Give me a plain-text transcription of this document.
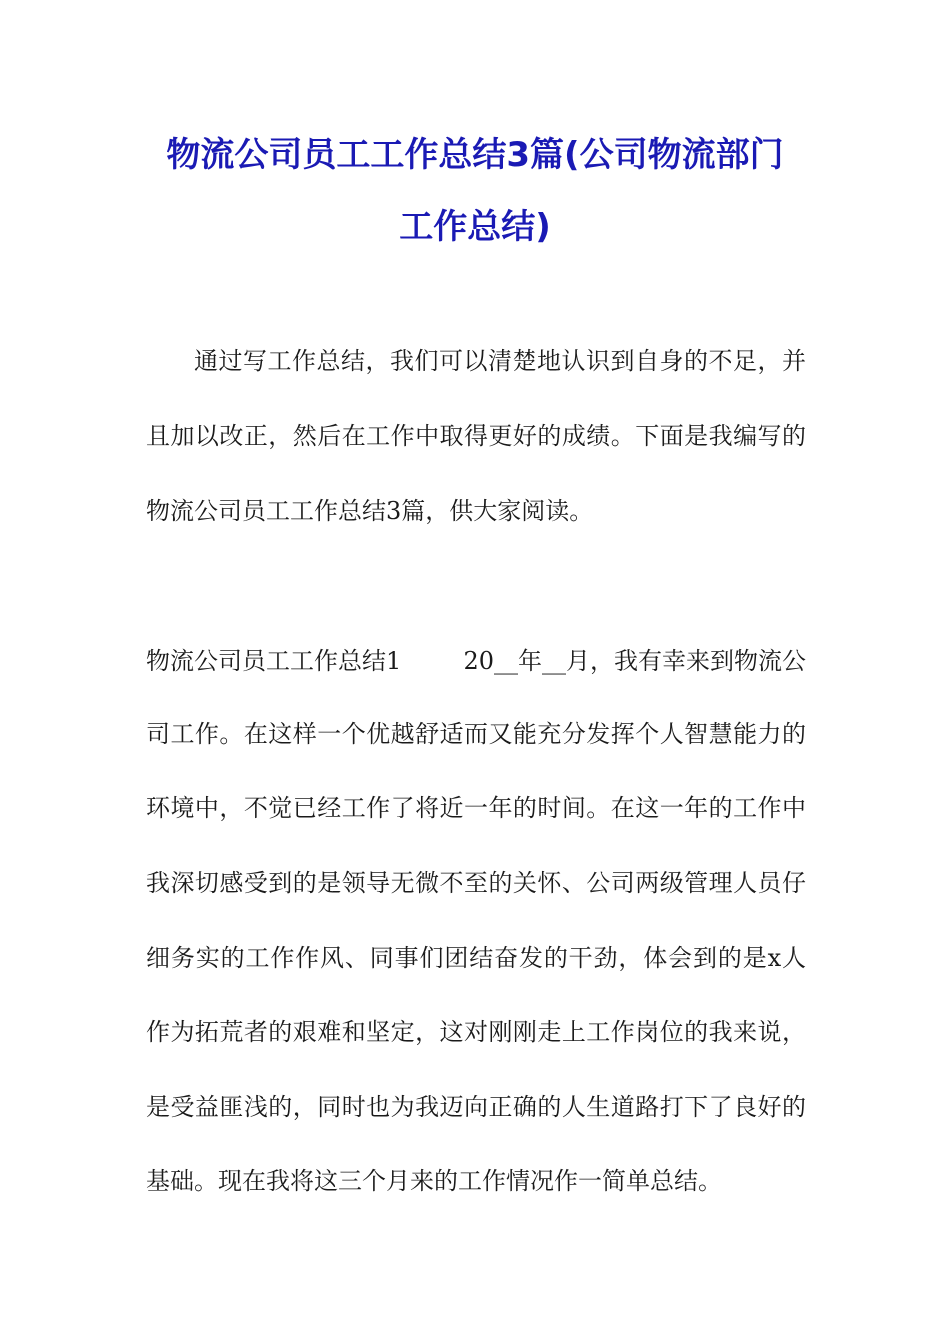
物流公司员工工作总结3篇(公司物流部门
工作总结)
通过写工作总结，我们可以清楚地认识到自身的不足，并
且加以改正，然后在工作中取得更好的成绩。下面是我编写的
物流公司员工工作总结3篇，供大家阅读。
物流公司员工工作总结1	20__年__月，我有幸来到物流公
司工作。在这样一个优越舒适而又能充分发挥个人智慧能力的
环境中，不觉已经工作了将近一年的时间。在这一年的工作中
我深切感受到的是领导无微不至的关怀、公司两级管理人员仔
细务实的工作作风、同事们团结奋发的干劲，体会到的是x人
作为拓荒者的艰难和坚定，这对刚刚走上工作岗位的我来说，
是受益匪浅的，同时也为我迈向正确的人生道路打下了良好的
基础。现在我将这三个月来的工作情况作一简单总结。
